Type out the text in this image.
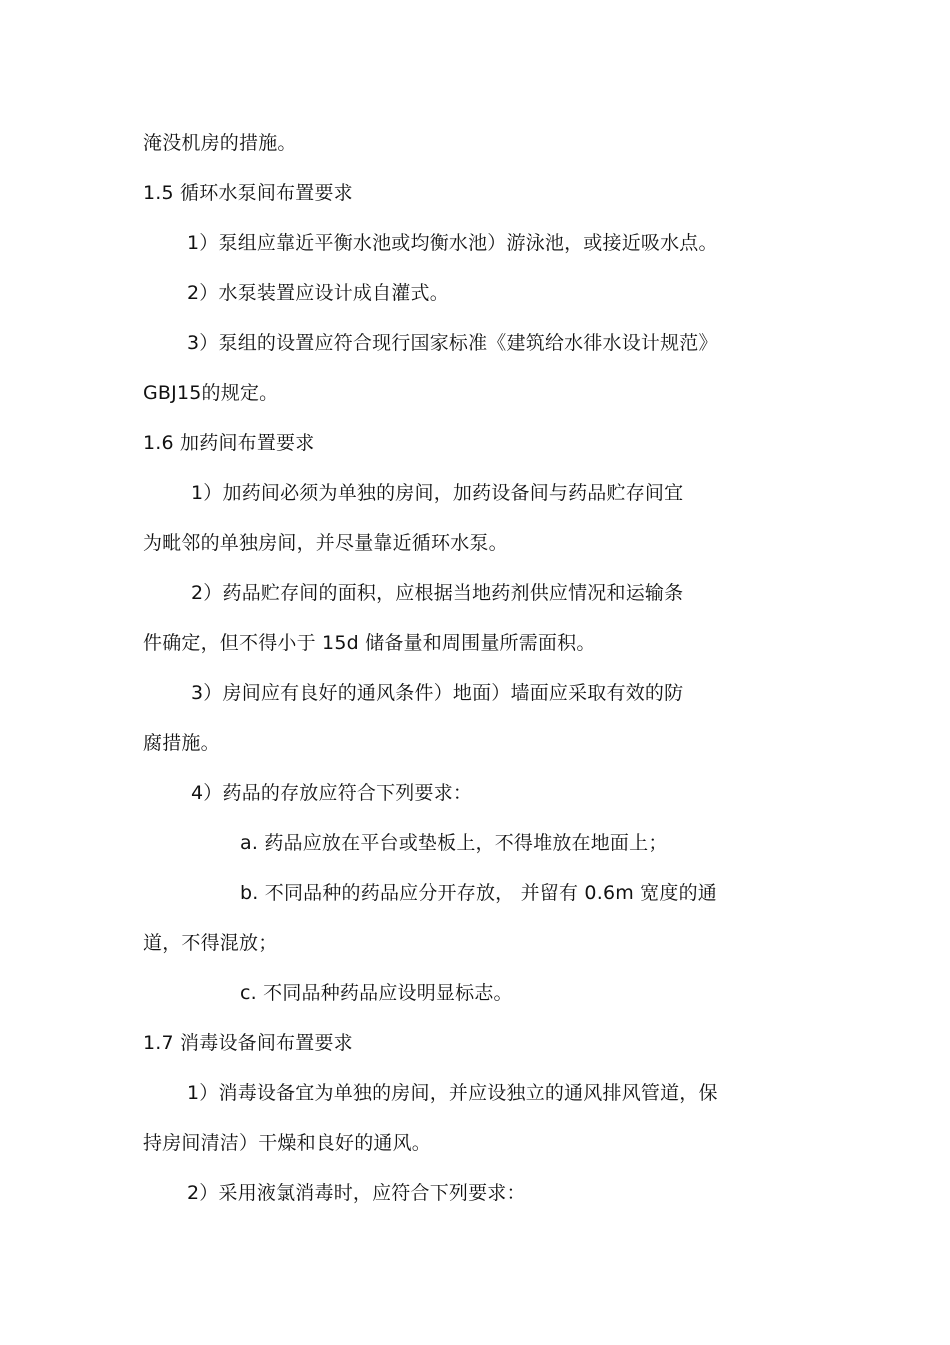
淹没机房的措施。
1.5 循环水泵间布置要求
1）泵组应靠近平衡水池或均衡水池）游泳池，或接近吸水点。
2）水泵装置应设计成自灌式。
3）泵组的设置应符合现行国家标准《建筑给水徘水设计规范》
GBJ15的规定。
1.6 加药间布置要求
1）加药间必须为单独的房间，加药设备间与药品贮存间宜
为毗邻的单独房间，并尽量靠近循环水泵。
2）药品贮存间的面积，应根据当地药剂供应情况和运输条
件确定，但不得小于 15d 储备量和周围量所需面积。
3）房间应有良好的通风条件）地面）墙面应采取有效的防
腐措施。
4）药品的存放应符合下列要求：
a. 药品应放在平台或垫板上，不得堆放在地面上；
b. 不同品种的药品应分开存放， 并留有 0.6m 宽度的通
道，不得混放；
c. 不同品种药品应设明显标志。
1.7 消毒设备间布置要求
1）消毒设备宜为单独的房间，并应设独立的通风排风管道，保
持房间清洁）干燥和良好的通风。
2）采用液氯消毒时，应符合下列要求：
